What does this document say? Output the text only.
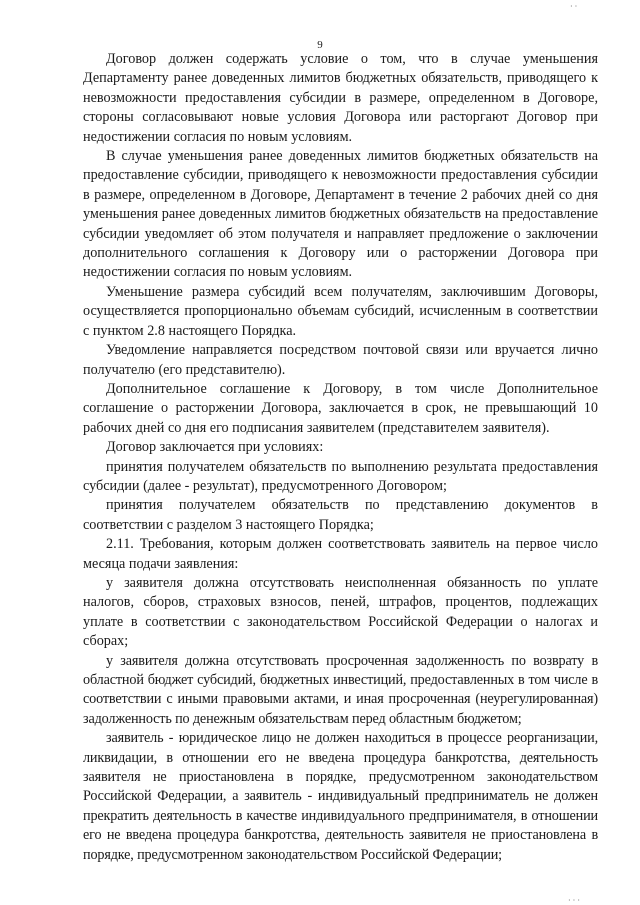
9

Договор должен содержать условие о том, что в случае уменьшения Департаменту ранее доведенных лимитов бюджетных обязательств, приводящего к невозможности предоставления субсидии в размере, определенном в Договоре, стороны согласовывают новые условия Договора или расторгают Договор при недостижении согласия по новым условиям.

В случае уменьшения ранее доведенных лимитов бюджетных обязательств на предоставление субсидии, приводящего к невозможности предоставления субсидии в размере, определенном в Договоре, Департамент в течение 2 рабочих дней со дня уменьшения ранее доведенных лимитов бюджетных обязательств на предоставление субсидии уведомляет об этом получателя и направляет предложение о заключении дополнительного соглашения к Договору или о расторжении Договора при недостижении согласия по новым условиям.

Уменьшение размера субсидий всем получателям, заключившим Договоры, осуществляется пропорционально объемам субсидий, исчисленным в соответствии с пунктом 2.8 настоящего Порядка.

Уведомление направляется посредством почтовой связи или вручается лично получателю (его представителю).

Дополнительное соглашение к Договору, в том числе Дополнительное соглашение о расторжении Договора, заключается в срок, не превышающий 10 рабочих дней со дня его подписания заявителем (представителем заявителя).

Договор заключается при условиях:

принятия получателем обязательств по выполнению результата предоставления субсидии (далее - результат), предусмотренного Договором;

принятия получателем обязательств по представлению документов в соответствии с разделом 3 настоящего Порядка;

2.11. Требования, которым должен соответствовать заявитель на первое число месяца подачи заявления:

у заявителя должна отсутствовать неисполненная обязанность по уплате налогов, сборов, страховых взносов, пеней, штрафов, процентов, подлежащих уплате в соответствии с законодательством Российской Федерации о налогах и сборах;

у заявителя должна отсутствовать просроченная задолженность по возврату в областной бюджет субсидий, бюджетных инвестиций, предоставленных в том числе в соответствии с иными правовыми актами, и иная просроченная (неурегулированная) задолженность по денежным обязательствам перед областным бюджетом;

заявитель - юридическое лицо не должен находиться в процессе реорганизации, ликвидации, в отношении его не введена процедура банкротства, деятельность заявителя не приостановлена в порядке, предусмотренном законодательством Российской Федерации, а заявитель - индивидуальный предприниматель не должен прекратить деятельность в качестве индивидуального предпринимателя, в отношении его не введена процедура банкротства, деятельность заявителя не приостановлена в порядке, предусмотренном законодательством Российской Федерации;

· ·
· · ·
